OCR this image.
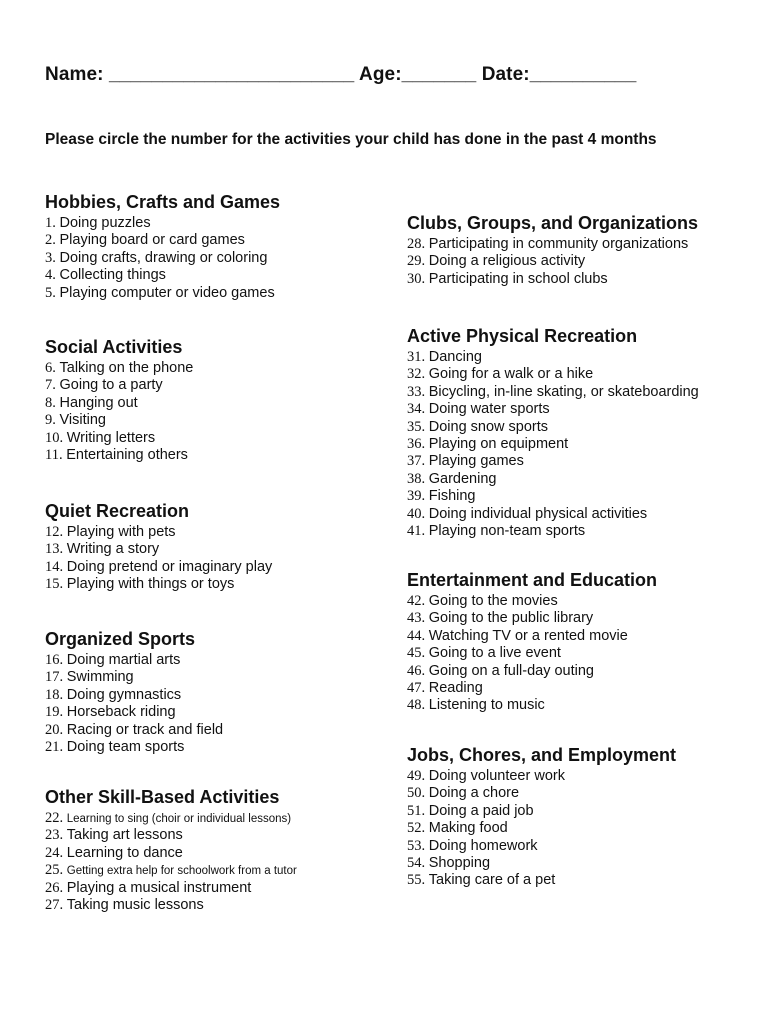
Name: _______________________ Age:_______ Date:__________

Please circle the number for the activities your child has done in the past 4 months

Hobbies, Crafts and Games
1. Doing puzzles
2. Playing board or card games
3. Doing crafts, drawing or coloring
4. Collecting things
5. Playing computer or video games
Social Activities
6. Talking on the phone
7. Going to a party
8. Hanging out
9. Visiting
10. Writing letters
11. Entertaining others
Quiet Recreation
12. Playing with pets
13. Writing a story
14. Doing pretend or imaginary play
15. Playing with things or toys
Organized Sports
16. Doing martial arts
17. Swimming
18. Doing gymnastics
19. Horseback riding
20. Racing or track and field
21. Doing team sports
Other Skill-Based Activities
22. Learning to sing (choir or individual lessons)
23. Taking art lessons
24. Learning to dance
25. Getting extra help for schoolwork from a tutor
26. Playing a musical instrument
27. Taking music lessons
Clubs, Groups, and Organizations
28. Participating in community organizations
29. Doing a religious activity
30. Participating in school clubs
Active Physical Recreation
31. Dancing
32. Going for a walk or a hike
33. Bicycling, in-line skating, or skateboarding
34. Doing water sports
35. Doing snow sports
36. Playing on equipment
37. Playing games
38. Gardening
39. Fishing
40. Doing individual physical activities
41. Playing non-team sports
Entertainment and Education
42. Going to the movies
43. Going to the public library
44. Watching TV or a rented movie
45. Going to a live event
46. Going on a full-day outing
47. Reading
48. Listening to music
Jobs, Chores, and Employment
49. Doing volunteer work
50. Doing a chore
51. Doing a paid job
52. Making food
53. Doing homework
54. Shopping
55. Taking care of a pet
